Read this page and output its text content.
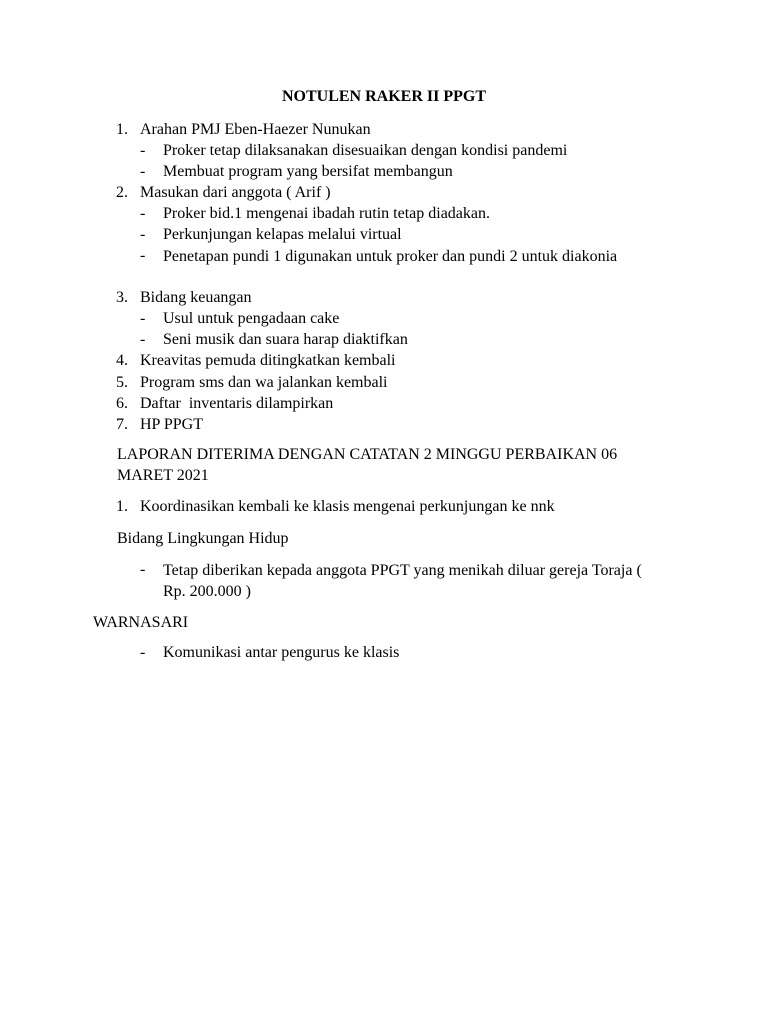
NOTULEN RAKER II PPGT
1. Arahan PMJ Eben-Haezer Nunukan
- Proker tetap dilaksanakan disesuaikan dengan kondisi pandemi
- Membuat program yang bersifat membangun
2. Masukan dari anggota ( Arif )
- Proker bid.1 mengenai ibadah rutin tetap diadakan.
- Perkunjungan kelapas melalui virtual
- Penetapan pundi 1 digunakan untuk proker dan pundi 2 untuk diakonia
3. Bidang keuangan
- Usul untuk pengadaan cake
- Seni musik dan suara harap diaktifkan
4. Kreavitas pemuda ditingkatkan kembali
5. Program sms dan wa jalankan kembali
6. Daftar  inventaris dilampirkan
7. HP PPGT
LAPORAN DITERIMA DENGAN CATATAN 2 MINGGU PERBAIKAN 06 MARET 2021
1. Koordinasikan kembali ke klasis mengenai perkunjungan ke nnk
Bidang Lingkungan Hidup
- Tetap diberikan kepada anggota PPGT yang menikah diluar gereja Toraja ( Rp. 200.000 )
WARNASARI
- Komunikasi antar pengurus ke klasis
